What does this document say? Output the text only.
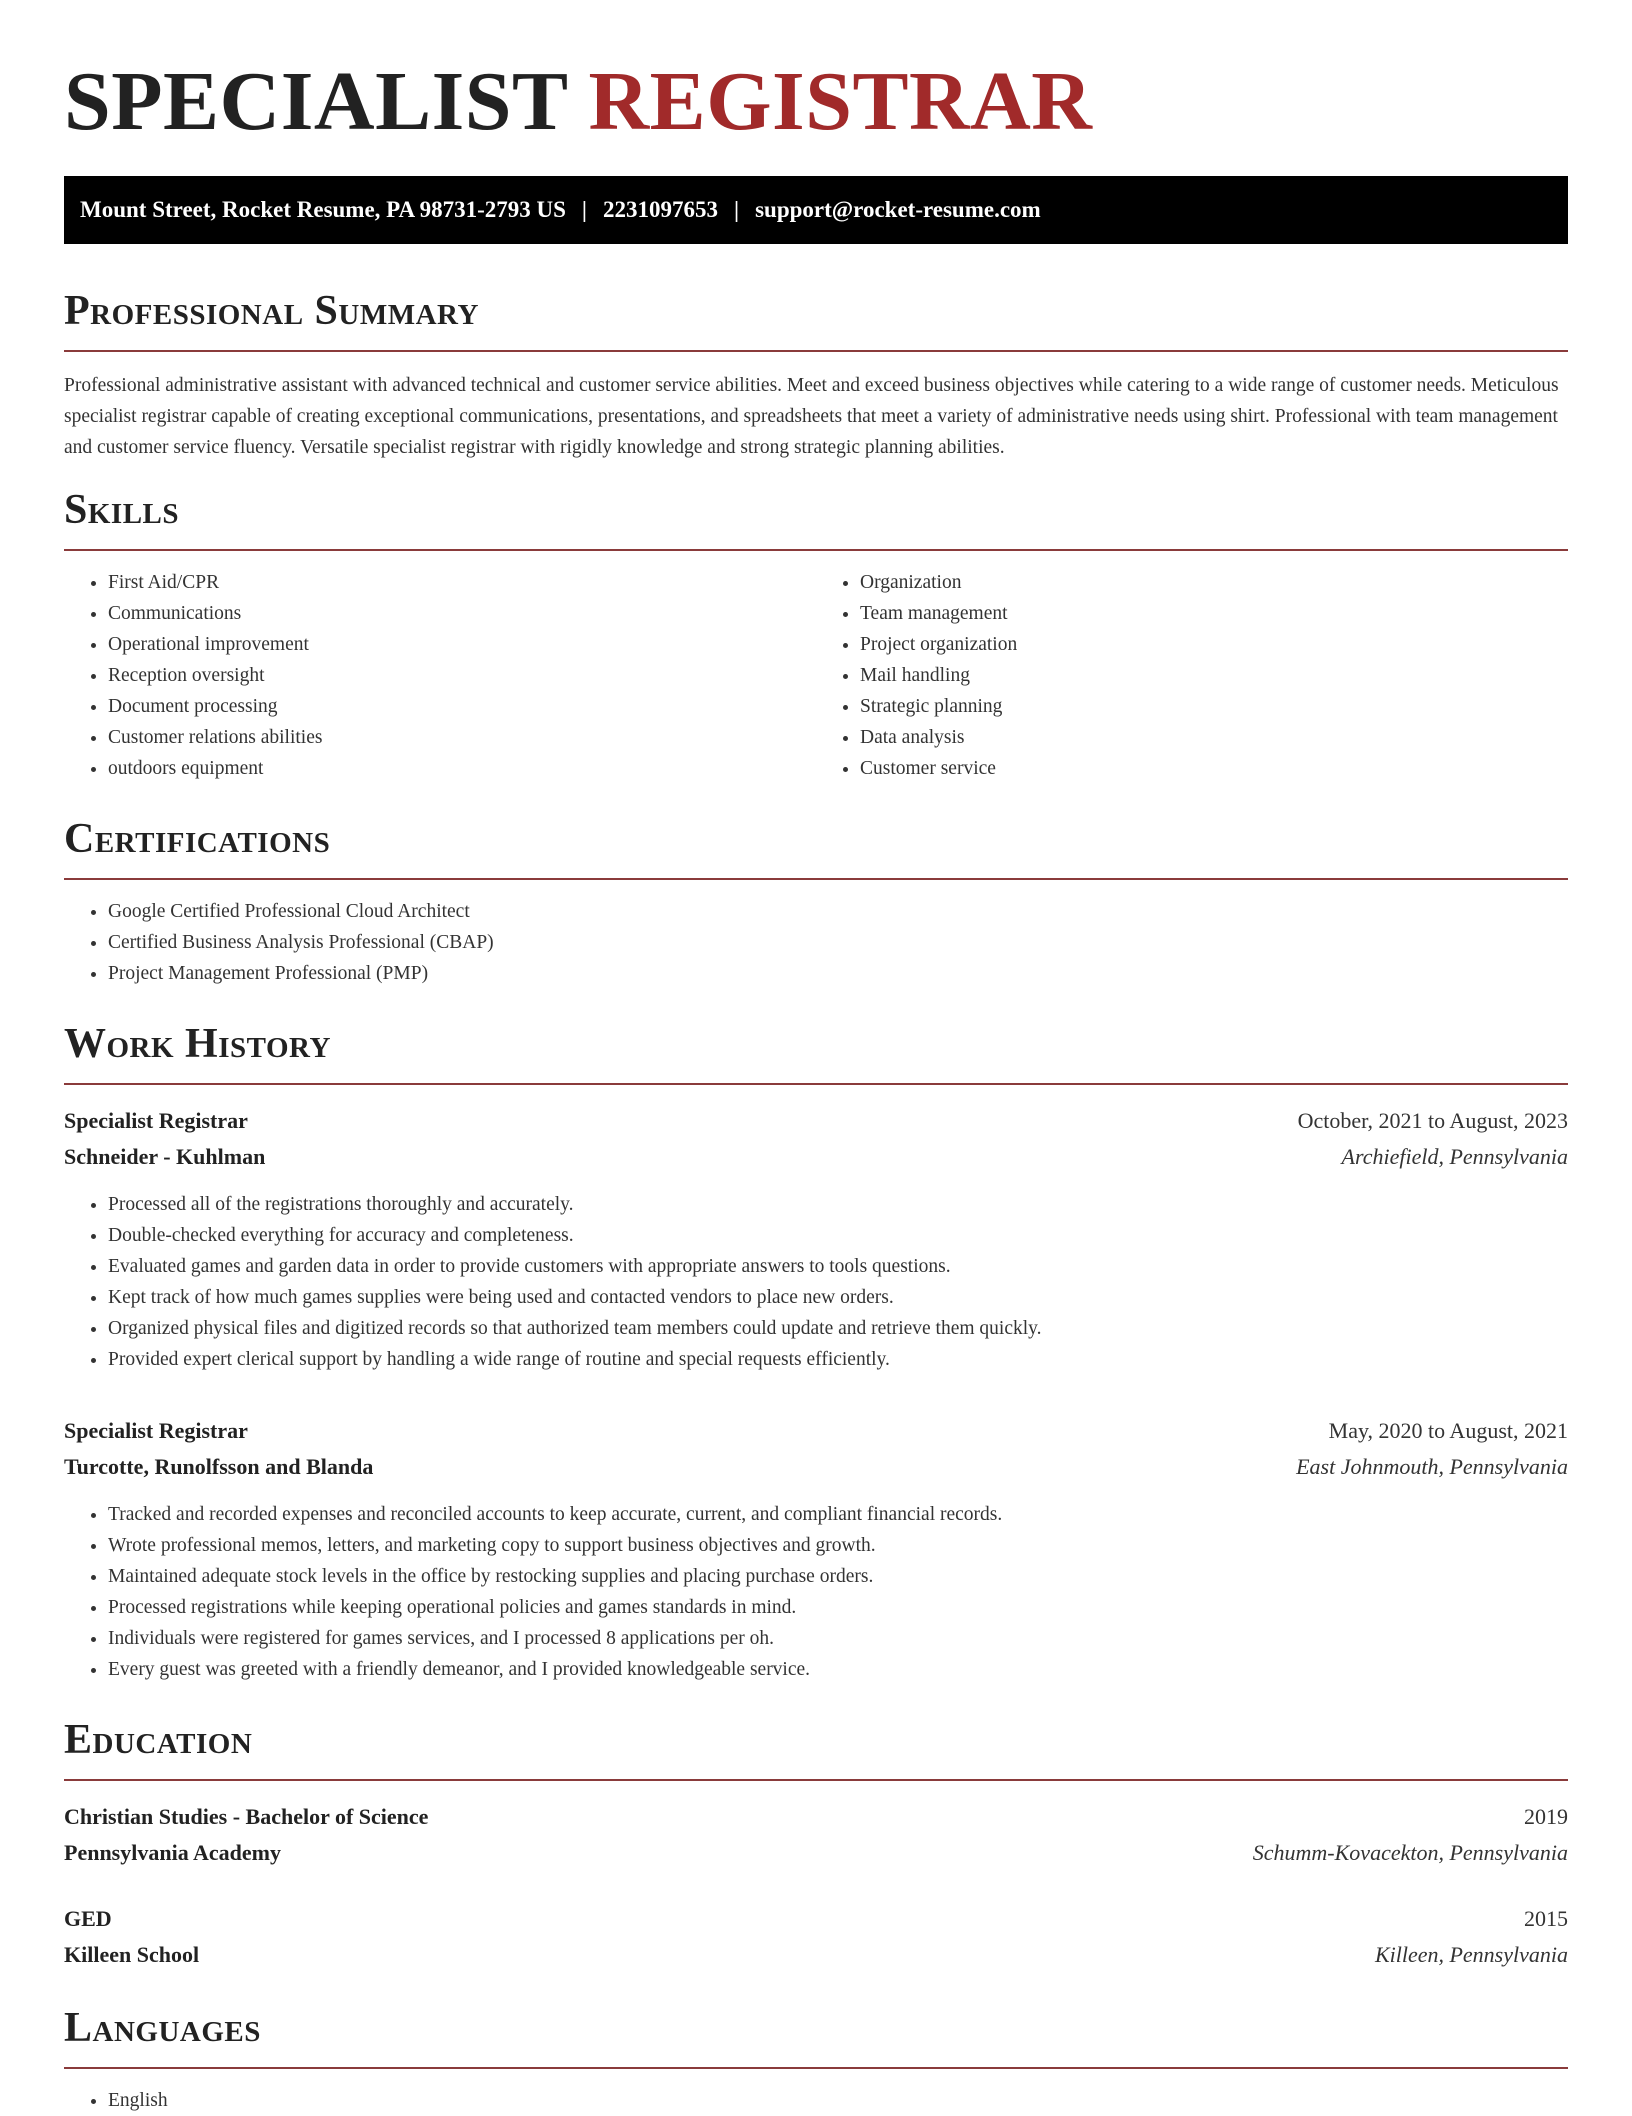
SPECIALIST REGISTRAR
Mount Street, Rocket Resume, PA 98731-2793 US | 2231097653 | support@rocket-resume.com
Professional Summary

Professional administrative assistant with advanced technical and customer service abilities. Meet and exceed business objectives while catering to a wide range of customer needs. Meticulous specialist registrar capable of creating exceptional communications, presentations, and spreadsheets that meet a variety of administrative needs using shirt. Professional with team management and customer service fluency. Versatile specialist registrar with rigidly knowledge and strong strategic planning abilities.

Skills
• First Aid/CPR
• Communications
• Operational improvement
• Reception oversight
• Document processing
• Customer relations abilities
• outdoors equipment
• Organization
• Team management
• Project organization
• Mail handling
• Strategic planning
• Data analysis
• Customer service
Certifications
• Google Certified Professional Cloud Architect
• Certified Business Analysis Professional (CBAP)
• Project Management Professional (PMP)
Work History
Specialist Registrar	October, 2021 to August, 2023
Schneider - Kuhlman	Archiefield, Pennsylvania
• Processed all of the registrations thoroughly and accurately.
• Double-checked everything for accuracy and completeness.
• Evaluated games and garden data in order to provide customers with appropriate answers to tools questions.
• Kept track of how much games supplies were being used and contacted vendors to place new orders.
• Organized physical files and digitized records so that authorized team members could update and retrieve them quickly.
• Provided expert clerical support by handling a wide range of routine and special requests efficiently.
Specialist Registrar	May, 2020 to August, 2021
Turcotte, Runolfsson and Blanda	East Johnmouth, Pennsylvania
• Tracked and recorded expenses and reconciled accounts to keep accurate, current, and compliant financial records.
• Wrote professional memos, letters, and marketing copy to support business objectives and growth.
• Maintained adequate stock levels in the office by restocking supplies and placing purchase orders.
• Processed registrations while keeping operational policies and games standards in mind.
• Individuals were registered for games services, and I processed 8 applications per oh.
• Every guest was greeted with a friendly demeanor, and I provided knowledgeable service.
Education
Christian Studies - Bachelor of Science	2019
Pennsylvania Academy	Schumm-Kovacekton, Pennsylvania
GED	2015
Killeen School	Killeen, Pennsylvania
Languages
• English
